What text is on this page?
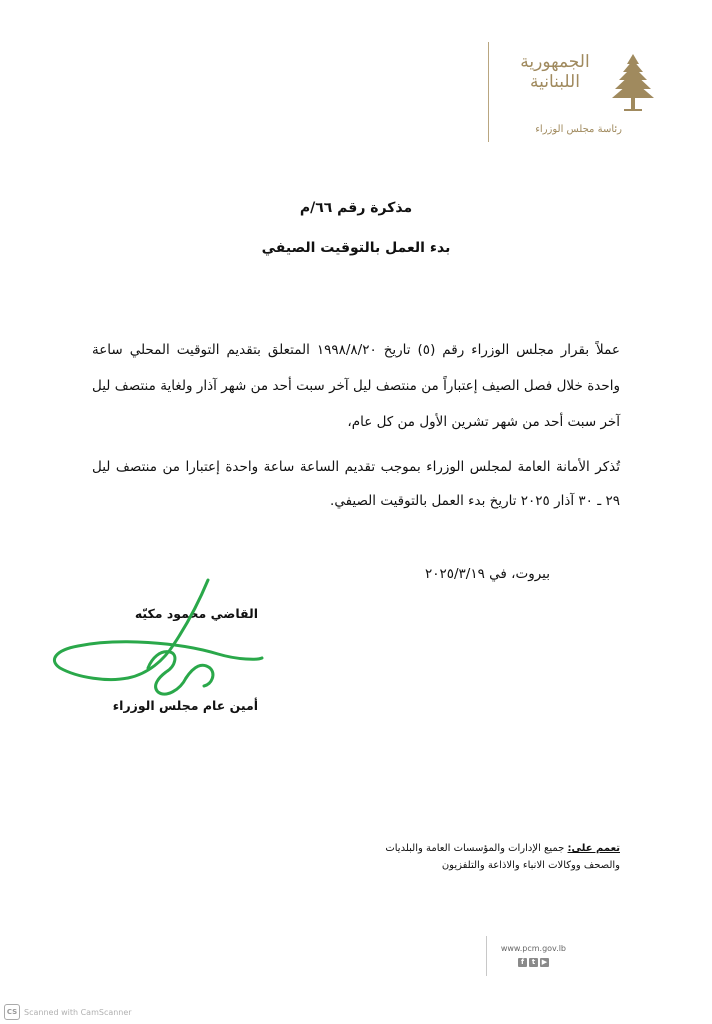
الجمهورية
اللبنانية
رئاسة مجلس الوزراء
مذكرة رقم ٦٦/م
بدء العمل بالتوقيت الصيفي

عملاً بقرار مجلس الوزراء رقم (٥) تاريخ ١٩٩٨/٨/٢٠ المتعلق بتقديم التوقيت المحلي ساعة واحدة خلال فصل الصيف إعتباراً من منتصف ليل آخر سبت أحد من شهر آذار ولغاية منتصف ليل آخر سبت أحد من شهر تشرين الأول من كل عام،

تُذكر الأمانة العامة لمجلس الوزراء بموجب تقديم الساعة ساعة واحدة إعتبارا من منتصف ليل ٢٩ ـ ٣٠ آذار ٢٠٢٥ تاريخ بدء العمل بالتوقيت الصيفي.

بيروت، في ٢٠٢٥/٣/١٩
القاضي محمود مكيّه
أمين عام مجلس الوزراء
تعمم على: جميع الإدارات والمؤسسات العامة والبلديات
والصحف ووكالات الانباء والاذاعة والتلفزيون
www.pcm.gov.lb
f	t ▶
CS Scanned with CamScanner
